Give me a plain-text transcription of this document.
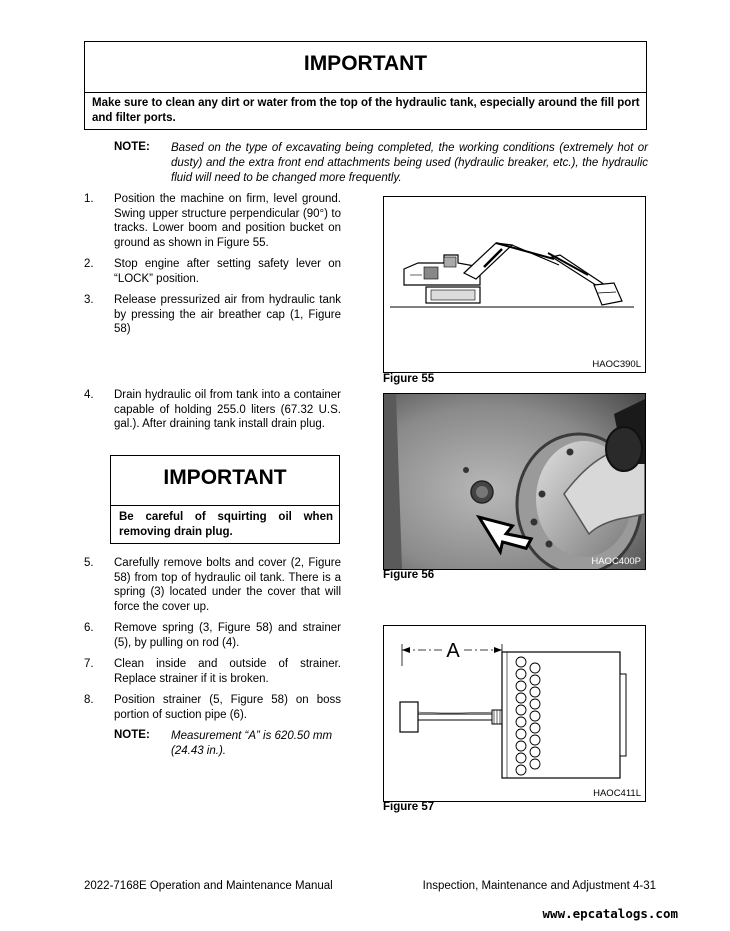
IMPORTANT
Make sure to clean any dirt or water from the top of the hydraulic tank, especially around the fill port and filter ports.
NOTE: Based on the type of excavating being completed, the working conditions (extremely hot or dusty) and the extra front end attachments being used (hydraulic breaker, etc.), the hydraulic fluid will need to be changed more frequently.
1. Position the machine on firm, level ground. Swing upper structure perpendicular (90°) to tracks. Lower boom and position bucket on ground as shown in Figure 55.
2. Stop engine after setting safety lever on “LOCK” position.
3. Release pressurized air from hydraulic tank by pressing the air breather cap (1, Figure 58)
4. Drain hydraulic oil from tank into a container capable of holding 255.0 liters (67.32 U.S. gal.). After draining tank install drain plug.
IMPORTANT
Be careful of squirting oil when removing drain plug.
5. Carefully remove bolts and cover (2, Figure 58) from top of hydraulic oil tank. There is a spring (3) located under the cover that will force the cover up.
6. Remove spring (3, Figure 58) and strainer (5), by pulling on rod (4).
7. Clean inside and outside of strainer. Replace strainer if it is broken.
8. Position strainer (5, Figure 58) on boss portion of suction pipe (6).
NOTE: Measurement “A” is 620.50 mm (24.43 in.).
HAOC390L
Figure 55
HAOC400P
Figure 56
A
HAOC411L
Figure 57
2022-7168E Operation and Maintenance Manual	Inspection, Maintenance and Adjustment 4-31
www.epcatalogs.com
